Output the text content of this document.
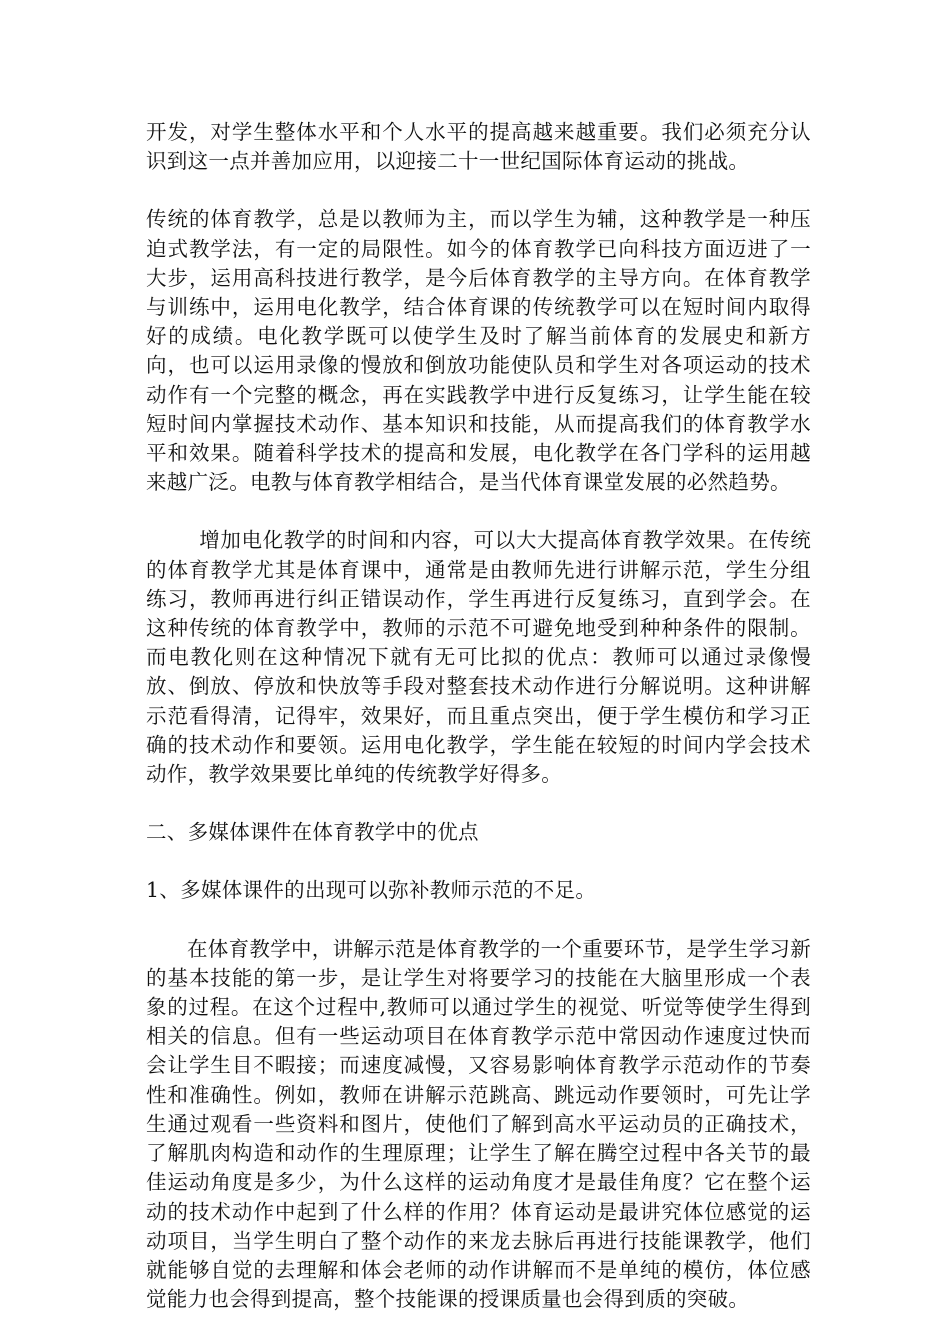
开发，对学生整体水平和个人水平的提高越来越重要。我们必须充分认识到这一点并善加应用，以迎接二十一世纪国际体育运动的挑战。

传统的体育教学，总是以教师为主，而以学生为辅，这种教学是一种压迫式教学法，有一定的局限性。如今的体育教学已向科技方面迈进了一大步，运用高科技进行教学，是今后体育教学的主导方向。在体育教学与训练中，运用电化教学，结合体育课的传统教学可以在短时间内取得好的成绩。电化教学既可以使学生及时了解当前体育的发展史和新方向，也可以运用录像的慢放和倒放功能使队员和学生对各项运动的技术动作有一个完整的概念，再在实践教学中进行反复练习，让学生能在较短时间内掌握技术动作、基本知识和技能，从而提高我们的体育教学水平和效果。随着科学技术的提高和发展，电化教学在各门学科的运用越来越广泛。电教与体育教学相结合，是当代体育课堂发展的必然趋势。

增加电化教学的时间和内容，可以大大提高体育教学效果。在传统的体育教学尤其是体育课中，通常是由教师先进行讲解示范，学生分组练习，教师再进行纠正错误动作，学生再进行反复练习，直到学会。在这种传统的体育教学中，教师的示范不可避免地受到种种条件的限制。而电教化则在这种情况下就有无可比拟的优点：教师可以通过录像慢放、倒放、停放和快放等手段对整套技术动作进行分解说明。这种讲解示范看得清，记得牢，效果好，而且重点突出，便于学生模仿和学习正确的技术动作和要领。运用电化教学，学生能在较短的时间内学会技术动作，教学效果要比单纯的传统教学好得多。

二、多媒体课件在体育教学中的优点

1、多媒体课件的出现可以弥补教师示范的不足。

在体育教学中，讲解示范是体育教学的一个重要环节，是学生学习新的基本技能的第一步，是让学生对将要学习的技能在大脑里形成一个表象的过程。在这个过程中,教师可以通过学生的视觉、听觉等使学生得到相关的信息。但有一些运动项目在体育教学示范中常因动作速度过快而会让学生目不暇接；而速度减慢，又容易影响体育教学示范动作的节奏性和准确性。例如，教师在讲解示范跳高、跳远动作要领时，可先让学生通过观看一些资料和图片，使他们了解到高水平运动员的正确技术，了解肌肉构造和动作的生理原理；让学生了解在腾空过程中各关节的最佳运动角度是多少，为什么这样的运动角度才是最佳角度？它在整个运动的技术动作中起到了什么样的作用？体育运动是最讲究体位感觉的运动项目，当学生明白了整个动作的来龙去脉后再进行技能课教学，他们就能够自觉的去理解和体会老师的动作讲解而不是单纯的模仿，体位感觉能力也会得到提高，整个技能课的授课质量也会得到质的突破。
